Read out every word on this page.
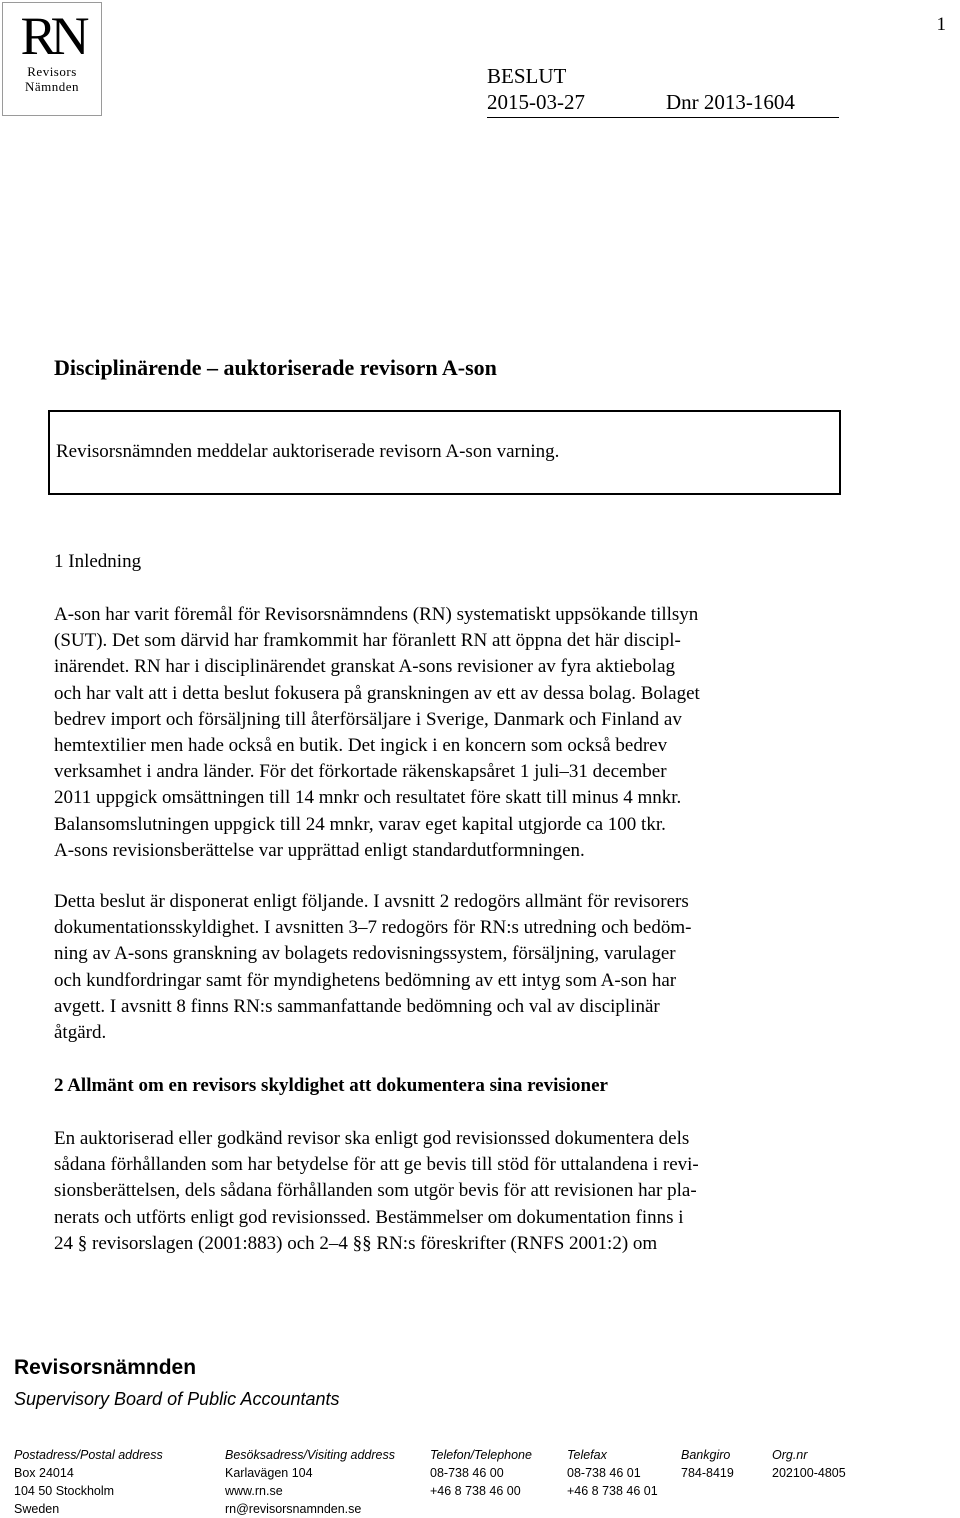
RN
Revisors
Nämnden
1
BESLUT
2015-03-27	Dnr 2013-1604
Disciplinärende – auktoriserade revisorn A-son
Revisorsnämnden meddelar auktoriserade revisorn A-son varning.
1 Inledning

A-son har varit föremål för Revisorsnämndens (RN) systematiskt uppsökande tillsyn
(SUT). Det som därvid har framkommit har föranlett RN att öppna det här discipl-
inärendet. RN har i disciplinärendet granskat A-sons revisioner av fyra aktiebolag
och har valt att i detta beslut fokusera på granskningen av ett av dessa bolag. Bolaget
bedrev import och försäljning till återförsäljare i Sverige, Danmark och Finland av
hemtextilier men hade också en butik. Det ingick i en koncern som också bedrev
verksamhet i andra länder. För det förkortade räkenskapsåret 1 juli–31 december
2011 uppgick omsättningen till 14 mnkr och resultatet före skatt till minus 4 mnkr.
Balansomslutningen uppgick till 24 mnkr, varav eget kapital utgjorde ca 100 tkr.
A-sons revisionsberättelse var upprättad enligt standardutformningen.

Detta beslut är disponerat enligt följande. I avsnitt 2 redogörs allmänt för revisorers
dokumentationsskyldighet. I avsnitten 3–7 redogörs för RN:s utredning och bedöm-
ning av A-sons granskning av bolagets redovisningssystem, försäljning, varulager
och kundfordringar samt för myndighetens bedömning av ett intyg som A-son har
avgett. I avsnitt 8 finns RN:s sammanfattande bedömning och val av disciplinär
åtgärd.

2 Allmänt om en revisors skyldighet att dokumentera sina revisioner

En auktoriserad eller godkänd revisor ska enligt god revisionssed dokumentera dels
sådana förhållanden som har betydelse för att ge bevis till stöd för uttalandena i revi-
sionsberättelsen, dels sådana förhållanden som utgör bevis för att revisionen har pla-
nerats och utförts enligt god revisionssed. Bestämmelser om dokumentation finns i
24 § revisorslagen (2001:883) och 2–4 §§ RN:s föreskrifter (RNFS 2001:2) om

Revisorsnämnden
Supervisory Board of Public Accountants
Postadress/Postal address
Box 24014
104 50 Stockholm
Sweden
Besöksadress/Visiting address
Karlavägen 104
www.rn.se
rn@revisorsnamnden.se
Telefon/Telephone
08-738 46 00
+46 8 738 46 00
Telefax
08-738 46 01
+46 8 738 46 01
Bankgiro
784-8419
Org.nr
202100-4805
